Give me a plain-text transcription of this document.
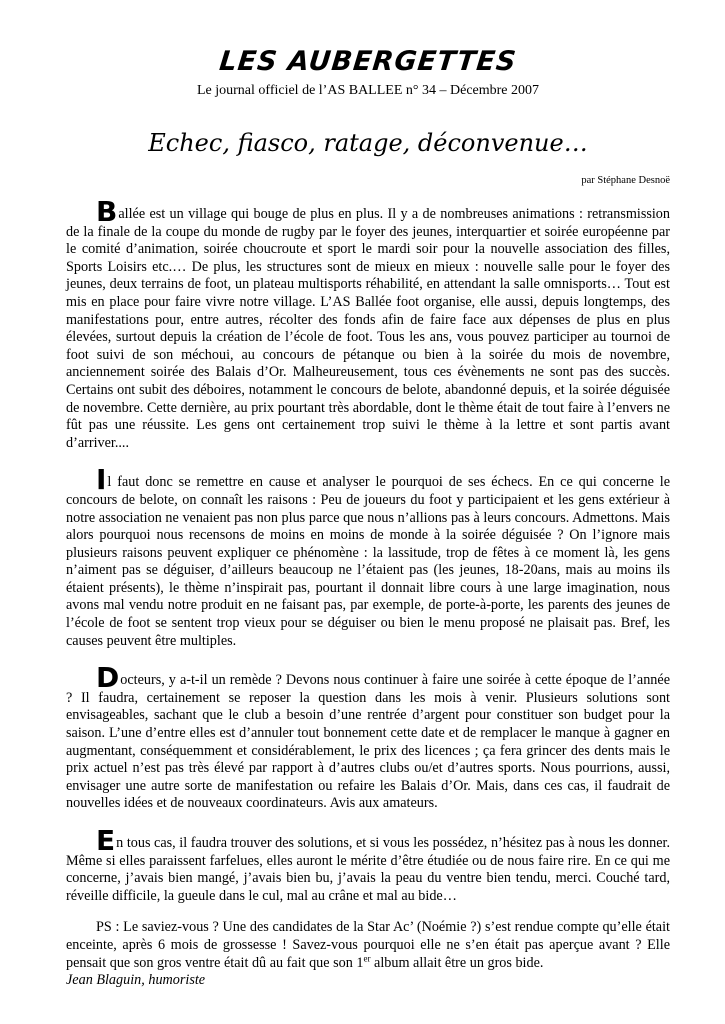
LES AUBERGETTES
Le journal officiel de l’AS BALLEE n° 34 – Décembre 2007
Echec, fiasco, ratage, déconvenue…
par Stéphane Desnoë

Ballée est un village qui bouge de plus en plus. Il y a de nombreuses animations : retransmission de la finale de la coupe du monde de rugby par le foyer des jeunes, interquartier et soirée européenne par le comité d’animation, soirée choucroute et sport le mardi soir pour la nouvelle association des filles, Sports Loisirs etc.… De plus, les structures sont de mieux en mieux : nouvelle salle pour le foyer des jeunes, deux terrains de foot, un plateau multisports réhabilité, en attendant la salle omnisports… Tout est mis en place pour faire vivre notre village. L’AS Ballée foot organise, elle aussi, depuis longtemps, des manifestations pour, entre autres, récolter des fonds afin de faire face aux dépenses de plus en plus élevées, surtout depuis la création de l’école de foot. Tous les ans, vous pouvez participer au tournoi de foot suivi de son méchoui, au concours de pétanque ou bien à la soirée du mois de novembre, anciennement soirée des Balais d’Or. Malheureusement, tous ces évènements ne sont pas des succès. Certains ont subit des déboires, notamment le concours de belote, abandonné depuis, et la soirée déguisée de novembre. Cette dernière, au prix pourtant très abordable, dont le thème était de tout faire à l’envers ne fût pas une réussite. Les gens ont certainement trop suivi le thème à la lettre et sont partis avant d’arriver....

Il faut donc se remettre en cause et analyser le pourquoi de ses échecs. En ce qui concerne le concours de belote, on connaît les raisons : Peu de joueurs du foot y participaient et les gens extérieur à notre association ne venaient pas non plus parce que nous n’allions pas à leurs concours. Admettons. Mais alors pourquoi nous recensons de moins en moins de monde à la soirée déguisée ? On l’ignore mais plusieurs raisons peuvent expliquer ce phénomène : la lassitude, trop de fêtes à ce moment là, les gens n’aiment pas se déguiser, d’ailleurs beaucoup ne l’étaient pas (les jeunes, 18-20ans, mais au moins ils étaient présents), le thème n’inspirait pas, pourtant il donnait libre cours à une large imagination, nous avons mal vendu notre produit en ne faisant pas, par exemple, de porte-à-porte, les parents des jeunes de l’école de foot se sentent trop vieux pour se déguiser ou bien le menu proposé ne plaisait pas. Bref, les causes peuvent être multiples.

Docteurs, y a-t-il un remède ? Devons nous continuer à faire une soirée à cette époque de l’année ? Il faudra, certainement se reposer la question dans les mois à venir. Plusieurs solutions sont envisageables, sachant que le club a besoin d’une rentrée d’argent pour constituer son budget pour la saison. L’une d’entre elles est d’annuler tout bonnement cette date et de remplacer le manque à gagner en augmentant, conséquemment et considérablement, le prix des licences ; ça fera grincer des dents mais le prix actuel n’est pas très élevé par rapport à d’autres clubs ou/et d’autres sports. Nous pourrions, aussi, envisager une autre sorte de manifestation ou refaire les Balais d’Or. Mais, dans ces cas, il faudrait de nouvelles idées et de nouveaux coordinateurs. Avis aux amateurs.

En tous cas, il faudra trouver des solutions, et si vous les possédez, n’hésitez pas à nous les donner. Même si elles paraissent farfelues, elles auront le mérite d’être étudiée ou de nous faire rire. En ce qui me concerne, j’avais bien mangé, j’avais bien bu, j’avais la peau du ventre bien tendu, merci. Couché tard, réveille difficile, la gueule dans le cul, mal au crâne et mal au bide…

PS : Le saviez-vous ? Une des candidates de la Star Ac’ (Noémie ?) s’est rendue compte qu’elle était enceinte, après 6 mois de grossesse ! Savez-vous pourquoi elle ne s’en était pas aperçue avant ? Elle pensait que son gros ventre était dû au fait que son 1er album allait être un gros bide.

Jean Blaguin, humoriste
